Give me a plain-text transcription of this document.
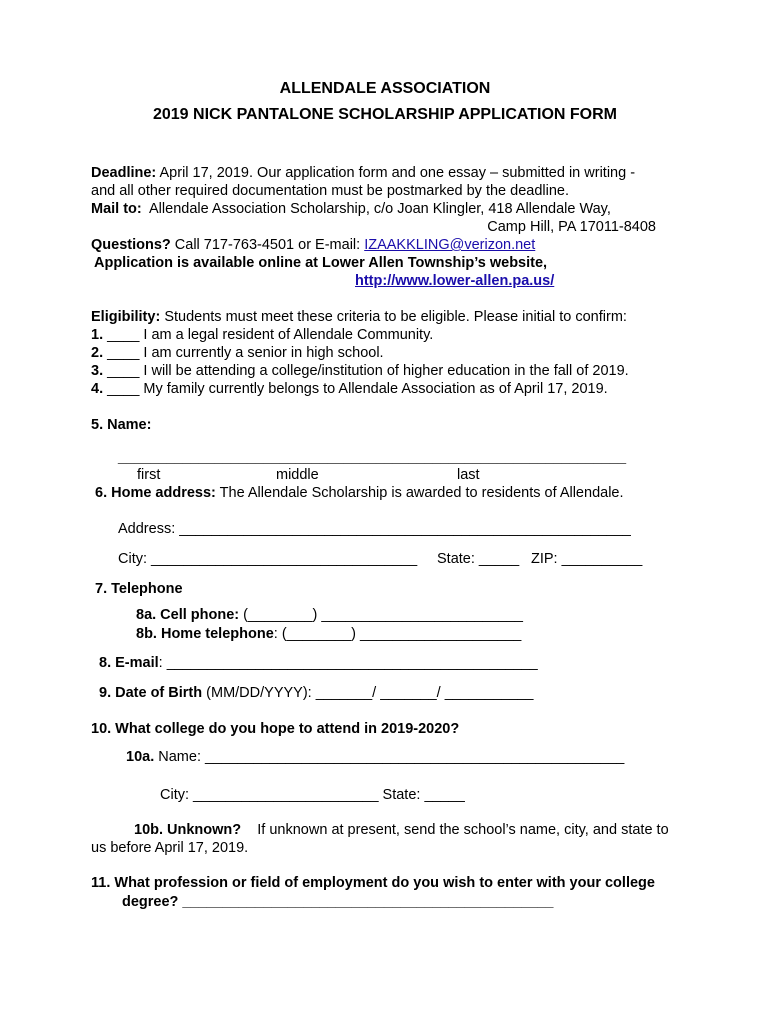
ALLENDALE ASSOCIATION
2019 NICK PANTALONE SCHOLARSHIP APPLICATION FORM
Deadline: April 17, 2019. Our application form and one essay – submitted in writing -
and all other required documentation must be postmarked by the deadline.
Mail to: Allendale Association Scholarship, c/o Joan Klingler, 418 Allendale Way,
Camp Hill, PA 17011-8408
Questions? Call 717-763-4501 or E-mail: IZAAKKLING@verizon.net
Application is available online at Lower Allen Township’s website,
http://www.lower-allen.pa.us/
Eligibility: Students must meet these criteria to be eligible. Please initial to confirm:
1. ____ I am a legal resident of Allendale Community.
2. ____ I am currently a senior in high school.
3. ____ I will be attending a college/institution of higher education in the fall of 2019.
4. ____ My family currently belongs to Allendale Association as of April 17, 2019.
5. Name:
_______________________________________________________________
first	middle	last
6. Home address: The Allendale Scholarship is awarded to residents of Allendale.
Address: ________________________________________________________
City: _________________________________ State: _____ ZIP: __________
7. Telephone
8a. Cell phone: (________) _________________________
8b. Home telephone: (________) ____________________
8. E-mail: ______________________________________________
9. Date of Birth (MM/DD/YYYY): _______/ _______/ ___________
10. What college do you hope to attend in 2019-2020?
10a. Name: ____________________________________________________
City: _______________________ State: _____
10b. Unknown? If unknown at present, send the school’s name, city, and state to
us before April 17, 2019.
11. What profession or field of employment do you wish to enter with your college
degree? ______________________________________________
